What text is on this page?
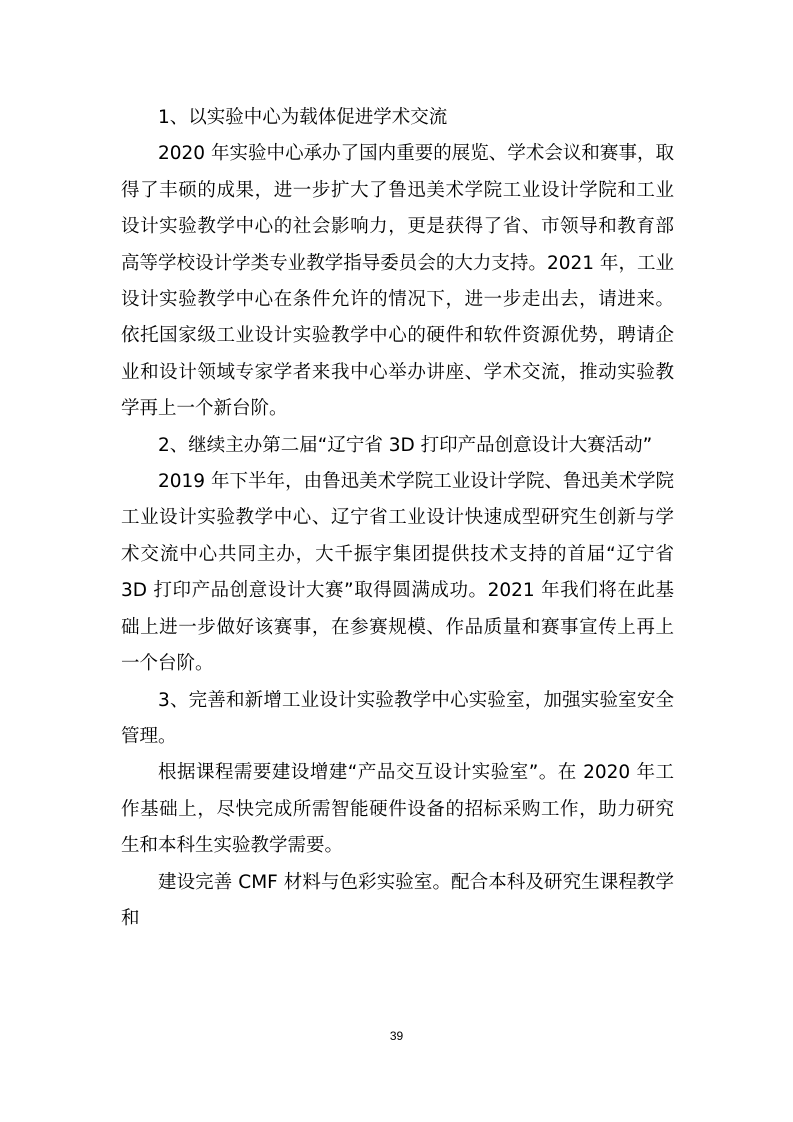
1、以实验中心为载体促进学术交流

2020 年实验中心承办了国内重要的展览、学术会议和赛事，取得了丰硕的成果，进一步扩大了鲁迅美术学院工业设计学院和工业设计实验教学中心的社会影响力，更是获得了省、市领导和教育部高等学校设计学类专业教学指导委员会的大力支持。2021 年，工业设计实验教学中心在条件允许的情况下，进一步走出去，请进来。依托国家级工业设计实验教学中心的硬件和软件资源优势，聘请企业和设计领域专家学者来我中心举办讲座、学术交流，推动实验教学再上一个新台阶。

2、继续主办第二届“辽宁省 3D 打印产品创意设计大赛活动”

2019 年下半年，由鲁迅美术学院工业设计学院、鲁迅美术学院工业设计实验教学中心、辽宁省工业设计快速成型研究生创新与学术交流中心共同主办，大千振宇集团提供技术支持的首届“辽宁省 3D 打印产品创意设计大赛”取得圆满成功。2021 年我们将在此基础上进一步做好该赛事，在参赛规模、作品质量和赛事宣传上再上一个台阶。

3、完善和新增工业设计实验教学中心实验室，加强实验室安全管理。

根据课程需要建设增建“产品交互设计实验室”。在 2020 年工作基础上，尽快完成所需智能硬件设备的招标采购工作，助力研究生和本科生实验教学需要。

建设完善 CMF 材料与色彩实验室。配合本科及研究生课程教学和

39
